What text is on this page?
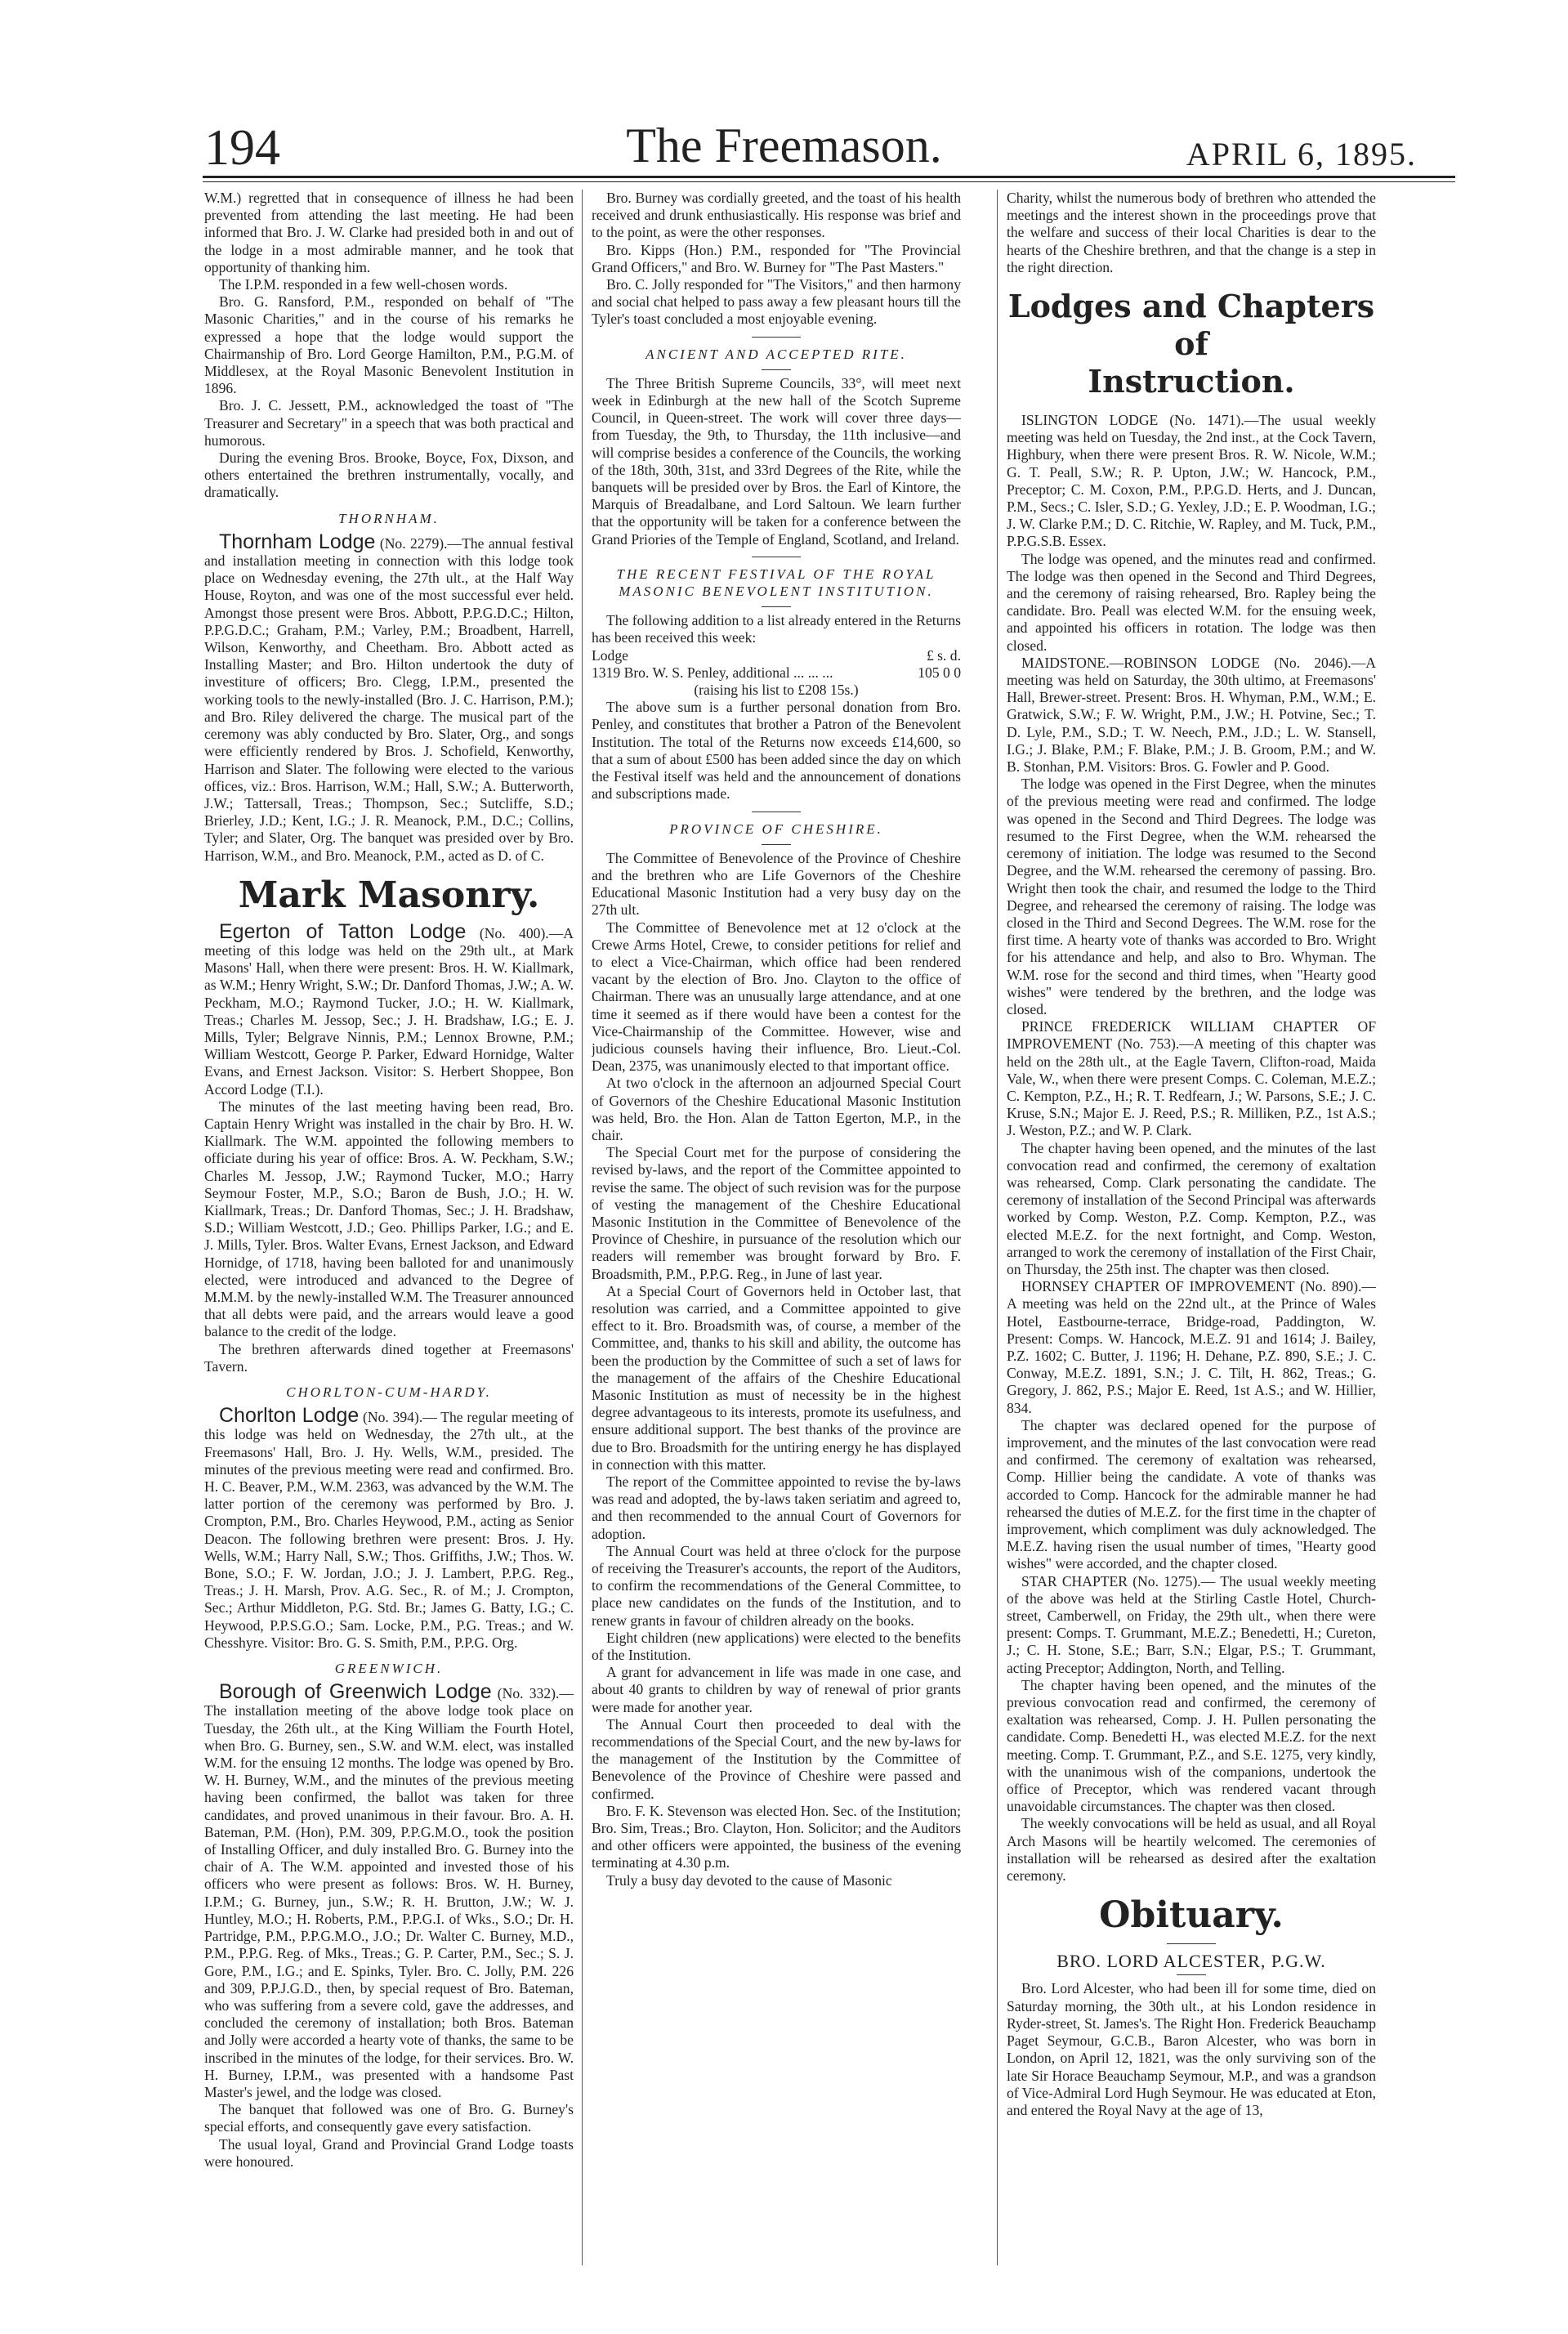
194	The Freemason.	APRIL 6, 1895.

W.M.) regretted that in consequence of illness he had been prevented from attending the last meeting. He had been informed that Bro. J. W. Clarke had presided both in and out of the lodge in a most admirable manner, and he took that opportunity of thanking him.

The I.P.M. responded in a few well-chosen words.

Bro. G. Ransford, P.M., responded on behalf of "The Masonic Charities," and in the course of his remarks he expressed a hope that the lodge would support the Chairmanship of Bro. Lord George Hamilton, P.M., P.G.M. of Middlesex, at the Royal Masonic Benevolent Institution in 1896.

Bro. J. C. Jessett, P.M., acknowledged the toast of "The Treasurer and Secretary" in a speech that was both practical and humorous.

During the evening Bros. Brooke, Boyce, Fox, Dixson, and others entertained the brethren instrumentally, vocally, and dramatically.

THORNHAM.

Thornham Lodge (No. 2279).—The annual festival and installation meeting in connection with this lodge took place on Wednesday evening, the 27th ult., at the Half Way House, Royton, and was one of the most successful ever held. Amongst those present were Bros. Abbott, P.P.G.D.C.; Hilton, P.P.G.D.C.; Graham, P.M.; Varley, P.M.; Broadbent, Harrell, Wilson, Kenworthy, and Cheetham. Bro. Abbott acted as Installing Master; and Bro. Hilton undertook the duty of investiture of officers; Bro. Clegg, I.P.M., presented the working tools to the newly-installed (Bro. J. C. Harrison, P.M.); and Bro. Riley delivered the charge. The musical part of the ceremony was ably conducted by Bro. Slater, Org., and songs were efficiently rendered by Bros. J. Schofield, Kenworthy, Harrison and Slater. The following were elected to the various offices, viz.: Bros. Harrison, W.M.; Hall, S.W.; A. Butterworth, J.W.; Tattersall, Treas.; Thompson, Sec.; Sutcliffe, S.D.; Brierley, J.D.; Kent, I.G.; J. R. Meanock, P.M., D.C.; Collins, Tyler; and Slater, Org. The banquet was presided over by Bro. Harrison, W.M., and Bro. Meanock, P.M., acted as D. of C.

Mark Masonry.

Egerton of Tatton Lodge (No. 400).—A meeting of this lodge was held on the 29th ult., at Mark Masons' Hall, when there were present: Bros. H. W. Kiallmark, as W.M.; Henry Wright, S.W.; Dr. Danford Thomas, J.W.; A. W. Peckham, M.O.; Raymond Tucker, J.O.; H. W. Kiallmark, Treas.; Charles M. Jessop, Sec.; J. H. Bradshaw, I.G.; E. J. Mills, Tyler; Belgrave Ninnis, P.M.; Lennox Browne, P.M.; William Westcott, George P. Parker, Edward Hornidge, Walter Evans, and Ernest Jackson. Visitor: S. Herbert Shoppee, Bon Accord Lodge (T.I.).

The minutes of the last meeting having been read, Bro. Captain Henry Wright was installed in the chair by Bro. H. W. Kiallmark. The W.M. appointed the following members to officiate during his year of office: Bros. A. W. Peckham, S.W.; Charles M. Jessop, J.W.; Raymond Tucker, M.O.; Harry Seymour Foster, M.P., S.O.; Baron de Bush, J.O.; H. W. Kiallmark, Treas.; Dr. Danford Thomas, Sec.; J. H. Bradshaw, S.D.; William Westcott, J.D.; Geo. Phillips Parker, I.G.; and E. J. Mills, Tyler. Bros. Walter Evans, Ernest Jackson, and Edward Hornidge, of 1718, having been balloted for and unanimously elected, were introduced and advanced to the Degree of M.M.M. by the newly-installed W.M. The Treasurer announced that all debts were paid, and the arrears would leave a good balance to the credit of the lodge.

The brethren afterwards dined together at Freemasons' Tavern.

CHORLTON-CUM-HARDY.

Chorlton Lodge (No. 394).— The regular meeting of this lodge was held on Wednesday, the 27th ult., at the Freemasons' Hall, Bro. J. Hy. Wells, W.M., presided. The minutes of the previous meeting were read and confirmed. Bro. H. C. Beaver, P.M., W.M. 2363, was advanced by the W.M. The latter portion of the ceremony was performed by Bro. J. Crompton, P.M., Bro. Charles Heywood, P.M., acting as Senior Deacon. The following brethren were present: Bros. J. Hy. Wells, W.M.; Harry Nall, S.W.; Thos. Griffiths, J.W.; Thos. W. Bone, S.O.; F. W. Jordan, J.O.; J. J. Lambert, P.P.G. Reg., Treas.; J. H. Marsh, Prov. A.G. Sec., R. of M.; J. Crompton, Sec.; Arthur Middleton, P.G. Std. Br.; James G. Batty, I.G.; C. Heywood, P.P.S.G.O.; Sam. Locke, P.M., P.G. Treas.; and W. Chesshyre. Visitor: Bro. G. S. Smith, P.M., P.P.G. Org.

GREENWICH.

Borough of Greenwich Lodge (No. 332).—The installation meeting of the above lodge took place on Tuesday, the 26th ult., at the King William the Fourth Hotel, when Bro. G. Burney, sen., S.W. and W.M. elect, was installed W.M. for the ensuing 12 months. The lodge was opened by Bro. W. H. Burney, W.M., and the minutes of the previous meeting having been confirmed, the ballot was taken for three candidates, and proved unanimous in their favour. Bro. A. H. Bateman, P.M. (Hon), P.M. 309, P.P.G.M.O., took the position of Installing Officer, and duly installed Bro. G. Burney into the chair of A. The W.M. appointed and invested those of his officers who were present as follows: Bros. W. H. Burney, I.P.M.; G. Burney, jun., S.W.; R. H. Brutton, J.W.; W. J. Huntley, M.O.; H. Roberts, P.M., P.P.G.I. of Wks., S.O.; Dr. H. Partridge, P.M., P.P.G.M.O., J.O.; Dr. Walter C. Burney, M.D., P.M., P.P.G. Reg. of Mks., Treas.; G. P. Carter, P.M., Sec.; S. J. Gore, P.M., I.G.; and E. Spinks, Tyler. Bro. C. Jolly, P.M. 226 and 309, P.P.J.G.D., then, by special request of Bro. Bateman, who was suffering from a severe cold, gave the addresses, and concluded the ceremony of installation; both Bros. Bateman and Jolly were accorded a hearty vote of thanks, the same to be inscribed in the minutes of the lodge, for their services. Bro. W. H. Burney, I.P.M., was presented with a handsome Past Master's jewel, and the lodge was closed.

The banquet that followed was one of Bro. G. Burney's special efforts, and consequently gave every satisfaction.

The usual loyal, Grand and Provincial Grand Lodge toasts were honoured.

Bro. Burney was cordially greeted, and the toast of his health received and drunk enthusiastically. His response was brief and to the point, as were the other responses.

Bro. Kipps (Hon.) P.M., responded for "The Provincial Grand Officers," and Bro. W. Burney for "The Past Masters."

Bro. C. Jolly responded for "The Visitors," and then harmony and social chat helped to pass away a few pleasant hours till the Tyler's toast concluded a most enjoyable evening.

ANCIENT AND ACCEPTED RITE.

The Three British Supreme Councils, 33°, will meet next week in Edinburgh at the new hall of the Scotch Supreme Council, in Queen-street. The work will cover three days—from Tuesday, the 9th, to Thursday, the 11th inclusive—and will comprise besides a conference of the Councils, the working of the 18th, 30th, 31st, and 33rd Degrees of the Rite, while the banquets will be presided over by Bros. the Earl of Kintore, the Marquis of Breadalbane, and Lord Saltoun. We learn further that the opportunity will be taken for a conference between the Grand Priories of the Temple of England, Scotland, and Ireland.

THE RECENT FESTIVAL OF THE ROYAL MASONIC BENEVOLENT INSTITUTION.

The following addition to a list already entered in the Returns has been received this week:

Lodge	£ s. d.
1319 Bro. W. S. Penley, additional ... ... ...	105 0 0
(raising his list to £208 15s.)

The above sum is a further personal donation from Bro. Penley, and constitutes that brother a Patron of the Benevolent Institution. The total of the Returns now exceeds £14,600, so that a sum of about £500 has been added since the day on which the Festival itself was held and the announcement of donations and subscriptions made.

PROVINCE OF CHESHIRE.

The Committee of Benevolence of the Province of Cheshire and the brethren who are Life Governors of the Cheshire Educational Masonic Institution had a very busy day on the 27th ult.

The Committee of Benevolence met at 12 o'clock at the Crewe Arms Hotel, Crewe, to consider petitions for relief and to elect a Vice-Chairman, which office had been rendered vacant by the election of Bro. Jno. Clayton to the office of Chairman. There was an unusually large attendance, and at one time it seemed as if there would have been a contest for the Vice-Chairmanship of the Committee. However, wise and judicious counsels having their influence, Bro. Lieut.-Col. Dean, 2375, was unanimously elected to that important office.

At two o'clock in the afternoon an adjourned Special Court of Governors of the Cheshire Educational Masonic Institution was held, Bro. the Hon. Alan de Tatton Egerton, M.P., in the chair.

The Special Court met for the purpose of considering the revised by-laws, and the report of the Committee appointed to revise the same. The object of such revision was for the purpose of vesting the management of the Cheshire Educational Masonic Institution in the Committee of Benevolence of the Province of Cheshire, in pursuance of the resolution which our readers will remember was brought forward by Bro. F. Broadsmith, P.M., P.P.G. Reg., in June of last year.

At a Special Court of Governors held in October last, that resolution was carried, and a Committee appointed to give effect to it. Bro. Broadsmith was, of course, a member of the Committee, and, thanks to his skill and ability, the outcome has been the production by the Committee of such a set of laws for the management of the affairs of the Cheshire Educational Masonic Institution as must of necessity be in the highest degree advantageous to its interests, promote its usefulness, and ensure additional support. The best thanks of the province are due to Bro. Broadsmith for the untiring energy he has displayed in connection with this matter.

The report of the Committee appointed to revise the by-laws was read and adopted, the by-laws taken seriatim and agreed to, and then recommended to the annual Court of Governors for adoption.

The Annual Court was held at three o'clock for the purpose of receiving the Treasurer's accounts, the report of the Auditors, to confirm the recommendations of the General Committee, to place new candidates on the funds of the Institution, and to renew grants in favour of children already on the books.

Eight children (new applications) were elected to the benefits of the Institution.

A grant for advancement in life was made in one case, and about 40 grants to children by way of renewal of prior grants were made for another year.

The Annual Court then proceeded to deal with the recommendations of the Special Court, and the new by-laws for the management of the Institution by the Committee of Benevolence of the Province of Cheshire were passed and confirmed.

Bro. F. K. Stevenson was elected Hon. Sec. of the Institution; Bro. Sim, Treas.; Bro. Clayton, Hon. Solicitor; and the Auditors and other officers were appointed, the business of the evening terminating at 4.30 p.m.

Truly a busy day devoted to the cause of Masonic

Charity, whilst the numerous body of brethren who attended the meetings and the interest shown in the proceedings prove that the welfare and success of their local Charities is dear to the hearts of the Cheshire brethren, and that the change is a step in the right direction.

Lodges and Chapters of
Instruction.

ISLINGTON LODGE (No. 1471).—The usual weekly meeting was held on Tuesday, the 2nd inst., at the Cock Tavern, Highbury, when there were present Bros. R. W. Nicole, W.M.; G. T. Peall, S.W.; R. P. Upton, J.W.; W. Hancock, P.M., Preceptor; C. M. Coxon, P.M., P.P.G.D. Herts, and J. Duncan, P.M., Secs.; C. Isler, S.D.; G. Yexley, J.D.; E. P. Woodman, I.G.; J. W. Clarke P.M.; D. C. Ritchie, W. Rapley, and M. Tuck, P.M., P.P.G.S.B. Essex.

The lodge was opened, and the minutes read and confirmed. The lodge was then opened in the Second and Third Degrees, and the ceremony of raising rehearsed, Bro. Rapley being the candidate. Bro. Peall was elected W.M. for the ensuing week, and appointed his officers in rotation. The lodge was then closed.

MAIDSTONE.—ROBINSON LODGE (No. 2046).—A meeting was held on Saturday, the 30th ultimo, at Freemasons' Hall, Brewer-street. Present: Bros. H. Whyman, P.M., W.M.; E. Gratwick, S.W.; F. W. Wright, P.M., J.W.; H. Potvine, Sec.; T. D. Lyle, P.M., S.D.; T. W. Neech, P.M., J.D.; L. W. Stansell, I.G.; J. Blake, P.M.; F. Blake, P.M.; J. B. Groom, P.M.; and W. B. Stonhan, P.M. Visitors: Bros. G. Fowler and P. Good.

The lodge was opened in the First Degree, when the minutes of the previous meeting were read and confirmed. The lodge was opened in the Second and Third Degrees. The lodge was resumed to the First Degree, when the W.M. rehearsed the ceremony of initiation. The lodge was resumed to the Second Degree, and the W.M. rehearsed the ceremony of passing. Bro. Wright then took the chair, and resumed the lodge to the Third Degree, and rehearsed the ceremony of raising. The lodge was closed in the Third and Second Degrees. The W.M. rose for the first time. A hearty vote of thanks was accorded to Bro. Wright for his attendance and help, and also to Bro. Whyman. The W.M. rose for the second and third times, when "Hearty good wishes" were tendered by the brethren, and the lodge was closed.

PRINCE FREDERICK WILLIAM CHAPTER OF IMPROVEMENT (No. 753).—A meeting of this chapter was held on the 28th ult., at the Eagle Tavern, Clifton-road, Maida Vale, W., when there were present Comps. C. Coleman, M.E.Z.; C. Kempton, P.Z., H.; R. T. Redfearn, J.; W. Parsons, S.E.; J. C. Kruse, S.N.; Major E. J. Reed, P.S.; R. Milliken, P.Z., 1st A.S.; J. Weston, P.Z.; and W. P. Clark.

The chapter having been opened, and the minutes of the last convocation read and confirmed, the ceremony of exaltation was rehearsed, Comp. Clark personating the candidate. The ceremony of installation of the Second Principal was afterwards worked by Comp. Weston, P.Z. Comp. Kempton, P.Z., was elected M.E.Z. for the next fortnight, and Comp. Weston, arranged to work the ceremony of installation of the First Chair, on Thursday, the 25th inst. The chapter was then closed.

HORNSEY CHAPTER OF IMPROVEMENT (No. 890).—A meeting was held on the 22nd ult., at the Prince of Wales Hotel, Eastbourne-terrace, Bridge-road, Paddington, W. Present: Comps. W. Hancock, M.E.Z. 91 and 1614; J. Bailey, P.Z. 1602; C. Butter, J. 1196; H. Dehane, P.Z. 890, S.E.; J. C. Conway, M.E.Z. 1891, S.N.; J. C. Tilt, H. 862, Treas.; G. Gregory, J. 862, P.S.; Major E. Reed, 1st A.S.; and W. Hillier, 834.

The chapter was declared opened for the purpose of improvement, and the minutes of the last convocation were read and confirmed. The ceremony of exaltation was rehearsed, Comp. Hillier being the candidate. A vote of thanks was accorded to Comp. Hancock for the admirable manner he had rehearsed the duties of M.E.Z. for the first time in the chapter of improvement, which compliment was duly acknowledged. The M.E.Z. having risen the usual number of times, "Hearty good wishes" were accorded, and the chapter closed.

STAR CHAPTER (No. 1275).— The usual weekly meeting of the above was held at the Stirling Castle Hotel, Church-street, Camberwell, on Friday, the 29th ult., when there were present: Comps. T. Grummant, M.E.Z.; Benedetti, H.; Cureton, J.; C. H. Stone, S.E.; Barr, S.N.; Elgar, P.S.; T. Grummant, acting Preceptor; Addington, North, and Telling.

The chapter having been opened, and the minutes of the previous convocation read and confirmed, the ceremony of exaltation was rehearsed, Comp. J. H. Pullen personating the candidate. Comp. Benedetti H., was elected M.E.Z. for the next meeting. Comp. T. Grummant, P.Z., and S.E. 1275, very kindly, with the unanimous wish of the companions, undertook the office of Preceptor, which was rendered vacant through unavoidable circumstances. The chapter was then closed.

The weekly convocations will be held as usual, and all Royal Arch Masons will be heartily welcomed. The ceremonies of installation will be rehearsed as desired after the exaltation ceremony.

Obituary.
BRO. LORD ALCESTER, P.G.W.

Bro. Lord Alcester, who had been ill for some time, died on Saturday morning, the 30th ult., at his London residence in Ryder-street, St. James's. The Right Hon. Frederick Beauchamp Paget Seymour, G.C.B., Baron Alcester, who was born in London, on April 12, 1821, was the only surviving son of the late Sir Horace Beauchamp Seymour, M.P., and was a grandson of Vice-Admiral Lord Hugh Seymour. He was educated at Eton, and entered the Royal Navy at the age of 13,
